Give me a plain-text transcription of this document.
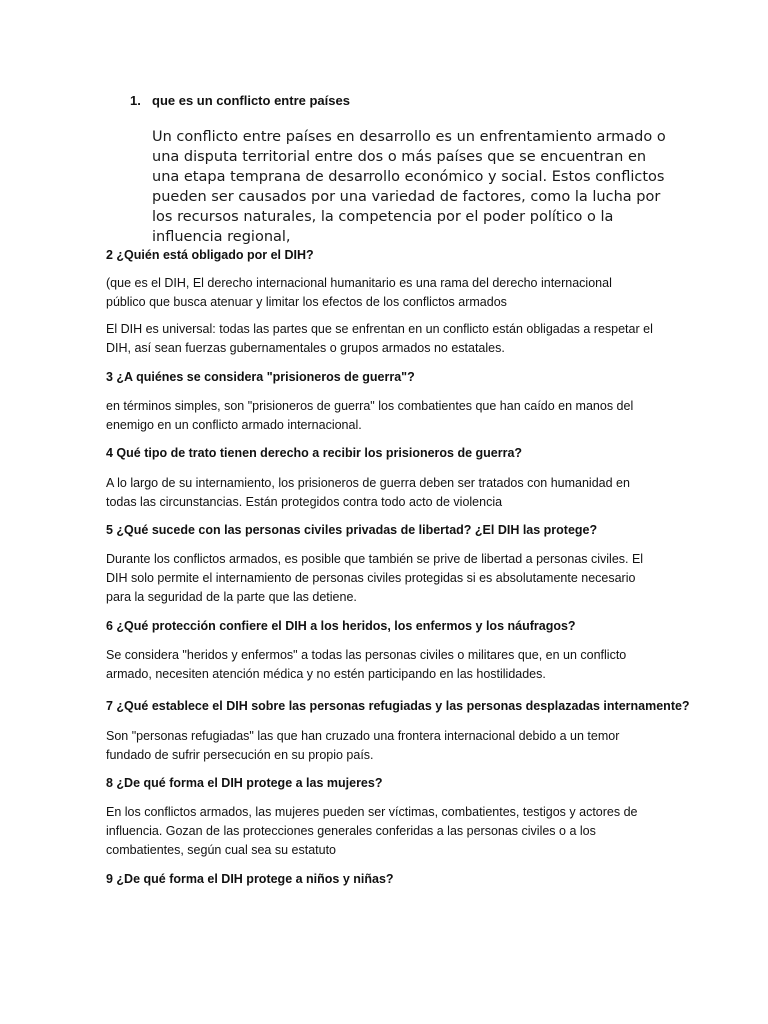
1. que es un conflicto entre países
Un conflicto entre países en desarrollo es un enfrentamiento armado o una disputa territorial entre dos o más países que se encuentran en una etapa temprana de desarrollo económico y social. Estos conflictos pueden ser causados por una variedad de factores, como la lucha por los recursos naturales, la competencia por el poder político o la influencia regional,
2 ¿Quién está obligado por el DIH?
(que es el DIH, El derecho internacional humanitario es una rama del derecho internacional público que busca atenuar y limitar los efectos de los conflictos armados
El DIH es universal: todas las partes que se enfrentan en un conflicto están obligadas a respetar el DIH, así sean fuerzas gubernamentales o grupos armados no estatales.
3 ¿A quiénes se considera "prisioneros de guerra"?
en términos simples, son "prisioneros de guerra" los combatientes que han caído en manos del enemigo en un conflicto armado internacional.
4 Qué tipo de trato tienen derecho a recibir los prisioneros de guerra?
A lo largo de su internamiento, los prisioneros de guerra deben ser tratados con humanidad en todas las circunstancias. Están protegidos contra todo acto de violencia
5 ¿Qué sucede con las personas civiles privadas de libertad? ¿El DIH las protege?
Durante los conflictos armados, es posible que también se prive de libertad a personas civiles. El DIH solo permite el internamiento de personas civiles protegidas si es absolutamente necesario para la seguridad de la parte que las detiene.
6 ¿Qué protección confiere el DIH a los heridos, los enfermos y los náufragos?
Se considera "heridos y enfermos" a todas las personas civiles o militares que, en un conflicto armado, necesiten atención médica y no estén participando en las hostilidades.
7 ¿Qué establece el DIH sobre las personas refugiadas y las personas desplazadas internamente?
Son "personas refugiadas" las que han cruzado una frontera internacional debido a un temor fundado de sufrir persecución en su propio país.
8 ¿De qué forma el DIH protege a las mujeres?
En los conflictos armados, las mujeres pueden ser víctimas, combatientes, testigos y actores de influencia. Gozan de las protecciones generales conferidas a las personas civiles o a los combatientes, según cual sea su estatuto
9 ¿De qué forma el DIH protege a niños y niñas?
